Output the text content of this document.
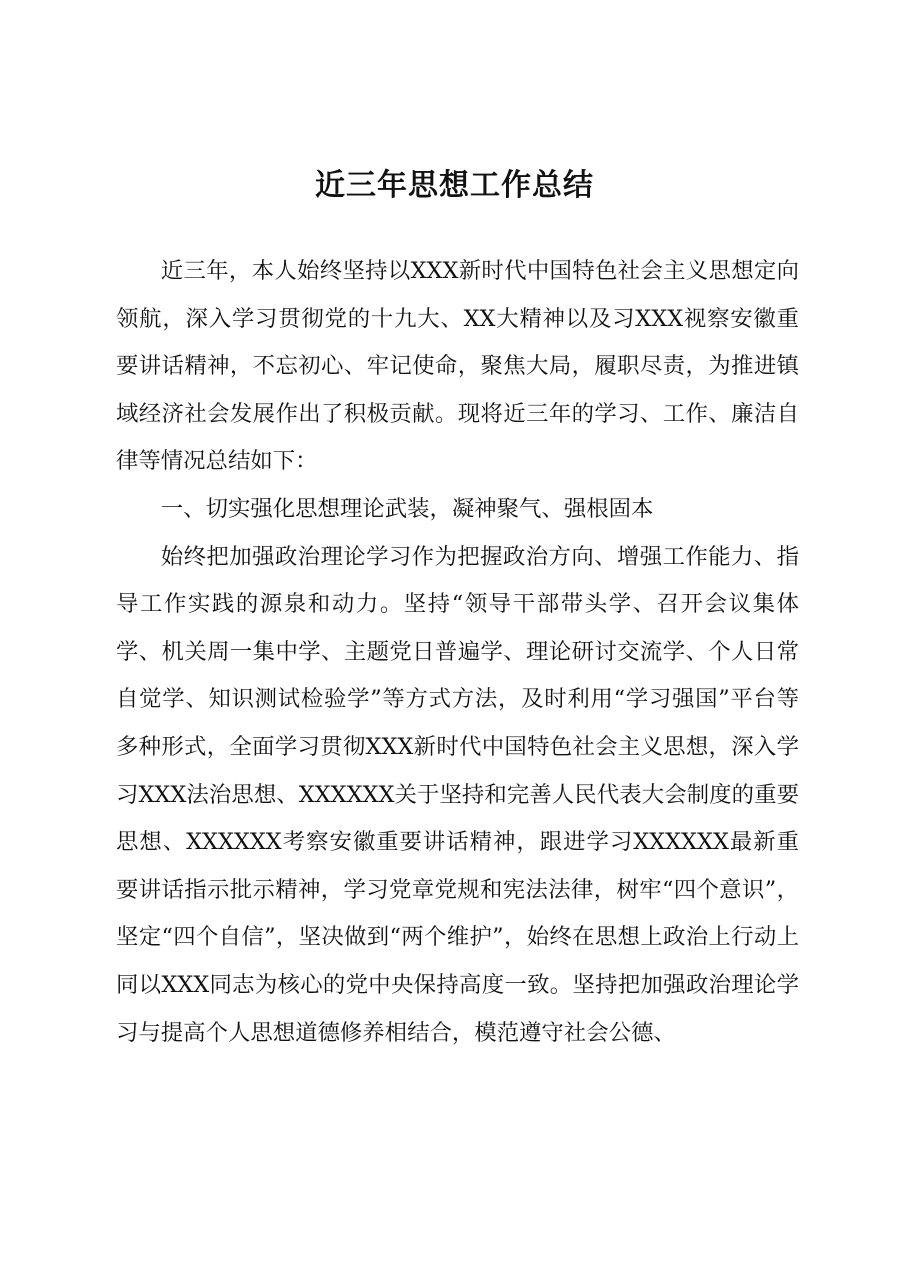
近三年思想工作总结

近三年，本人始终坚持以XXX新时代中国特色社会主义思想定向领航，深入学习贯彻党的十九大、XX大精神以及习XXX视察安徽重要讲话精神，不忘初心、牢记使命，聚焦大局，履职尽责，为推进镇域经济社会发展作出了积极贡献。现将近三年的学习、工作、廉洁自律等情况总结如下：

一、切实强化思想理论武装，凝神聚气、强根固本

始终把加强政治理论学习作为把握政治方向、增强工作能力、指导工作实践的源泉和动力。坚持“领导干部带头学、召开会议集体学、机关周一集中学、主题党日普遍学、理论研讨交流学、个人日常自觉学、知识测试检验学”等方式方法，及时利用“学习强国”平台等多种形式，全面学习贯彻XXX新时代中国特色社会主义思想，深入学习XXX法治思想、XXXXXX关于坚持和完善人民代表大会制度的重要思想、XXXXXX考察安徽重要讲话精神，跟进学习XXXXXX最新重要讲话指示批示精神，学习党章党规和宪法法律，树牢“四个意识”，坚定“四个自信”，坚决做到“两个维护”，始终在思想上政治上行动上同以XXX同志为核心的党中央保持高度一致。坚持把加强政治理论学习与提高个人思想道德修养相结合，模范遵守社会公德、
